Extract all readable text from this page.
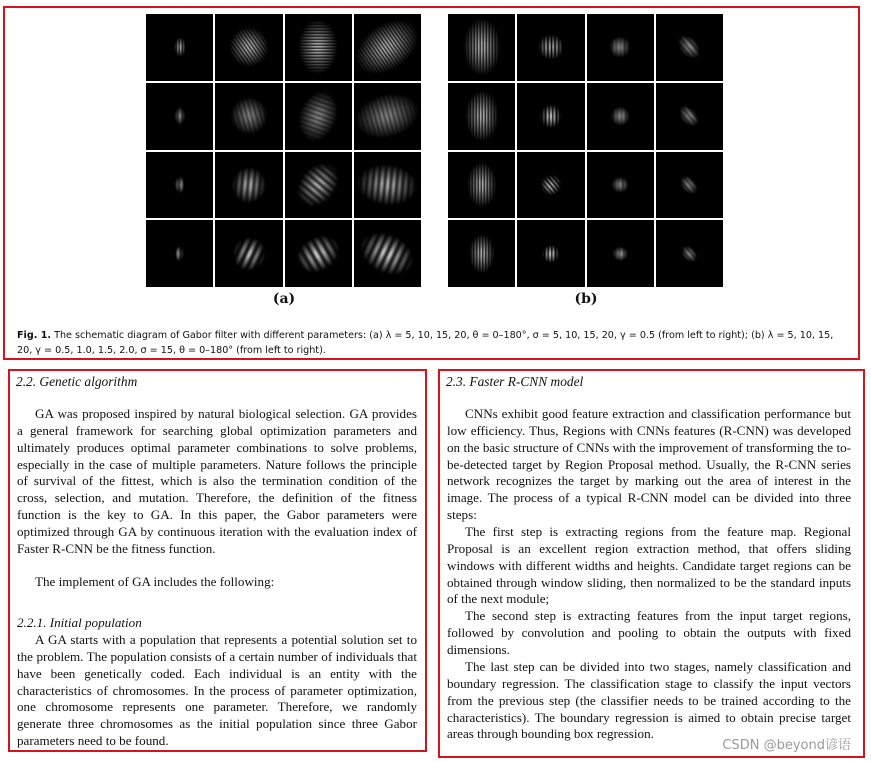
(a)	(b)
Fig. 1. The schematic diagram of Gabor filter with different parameters: (a) λ = 5, 10, 15, 20, θ = 0–180°, σ = 5, 10, 15, 20, γ = 0.5 (from left to right); (b) λ = 5, 10, 15, 20, γ = 0.5, 1.0, 1.5, 2.0, σ = 15, θ = 0–180° (from left to right).
2.2. Genetic algorithm
GA was proposed inspired by natural biological selection. GA provides a general framework for searching global optimization parameters and ultimately produces optimal parameter combinations to solve problems, especially in the case of multiple parameters. Nature follows the principle of survival of the fittest, which is also the termination condition of the cross, selection, and mutation. Therefore, the definition of the fitness function is the key to GA. In this paper, the Gabor parameters were optimized through GA by continuous iteration with the evaluation index of Faster R-CNN be the fitness function.
The implement of GA includes the following:
2.2.1. Initial population
A GA starts with a population that represents a potential solution set to the problem. The population consists of a certain number of individuals that have been genetically coded. Each individual is an entity with the characteristics of chromosomes. In the process of parameter optimization, one chromosome represents one parameter. Therefore, we randomly generate three chromosomes as the initial population since three Gabor parameters need to be found.
2.3. Faster R-CNN model
CNNs exhibit good feature extraction and classification performance but low efficiency. Thus, Regions with CNNs features (R-CNN) was developed on the basic structure of CNNs with the improvement of transforming the to-be-detected target by Region Proposal method. Usually, the R-CNN series network recognizes the target by marking out the area of interest in the image. The process of a typical R-CNN model can be divided into three steps:
The first step is extracting regions from the feature map. Regional Proposal is an excellent region extraction method, that offers sliding windows with different widths and heights. Candidate target regions can be obtained through window sliding, then normalized to be the standard inputs of the next module;
The second step is extracting features from the input target regions, followed by convolution and pooling to obtain the outputs with fixed dimensions.
The last step can be divided into two stages, namely classification and boundary regression. The classification stage to classify the input vectors from the previous step (the classifier needs to be trained according to the characteristics). The boundary regression is aimed to obtain precise target areas through bounding box regression.
CSDN @beyond谚语
